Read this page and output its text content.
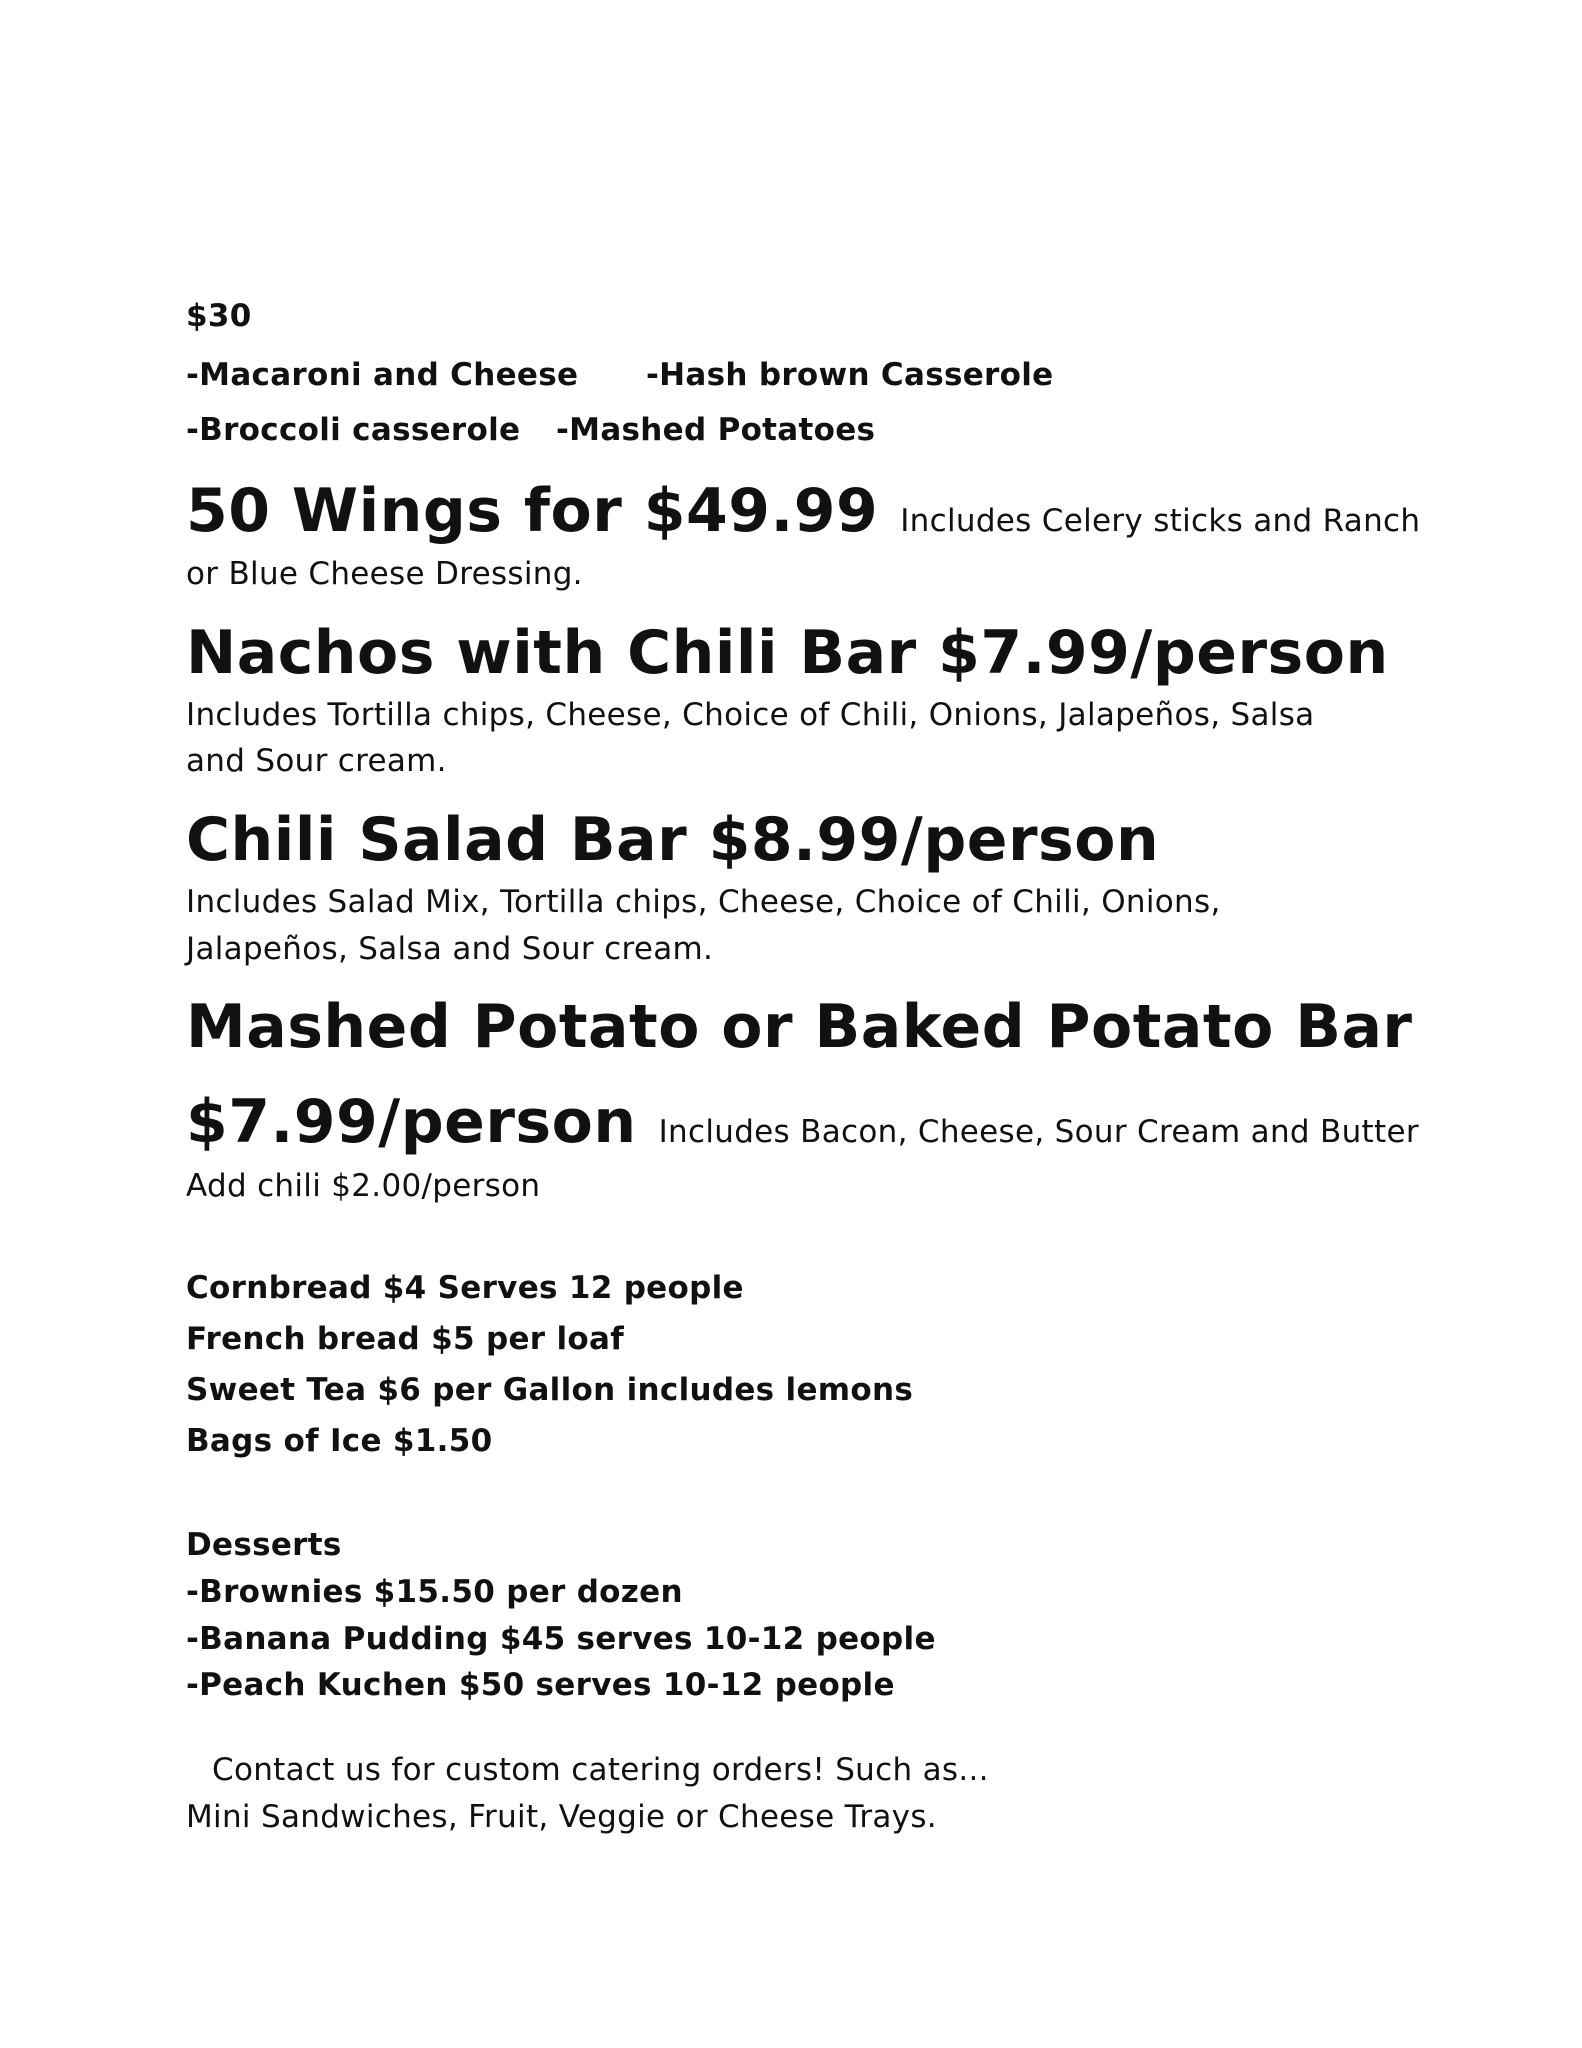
$30
-Macaroni and Cheese -Hash brown Casserole
-Broccoli casserole -Mashed Potatoes
50 Wings for $49.99 Includes Celery sticks and Ranch
or Blue Cheese Dressing.
Nachos with Chili Bar $7.99/person
Includes Tortilla chips, Cheese, Choice of Chili, Onions, Jalapeños, Salsa
and Sour cream.
Chili Salad Bar $8.99/person
Includes Salad Mix, Tortilla chips, Cheese, Choice of Chili, Onions,
Jalapeños, Salsa and Sour cream.
Mashed Potato or Baked Potato Bar
$7.99/person Includes Bacon, Cheese, Sour Cream and Butter
Add chili $2.00/person
Cornbread $4 Serves 12 people
French bread $5 per loaf
Sweet Tea $6 per Gallon includes lemons
Bags of Ice $1.50
Desserts
-Brownies $15.50 per dozen
-Banana Pudding $45 serves 10-12 people
-Peach Kuchen $50 serves 10-12 people
Contact us for custom catering orders! Such as...
Mini Sandwiches, Fruit, Veggie or Cheese Trays.
